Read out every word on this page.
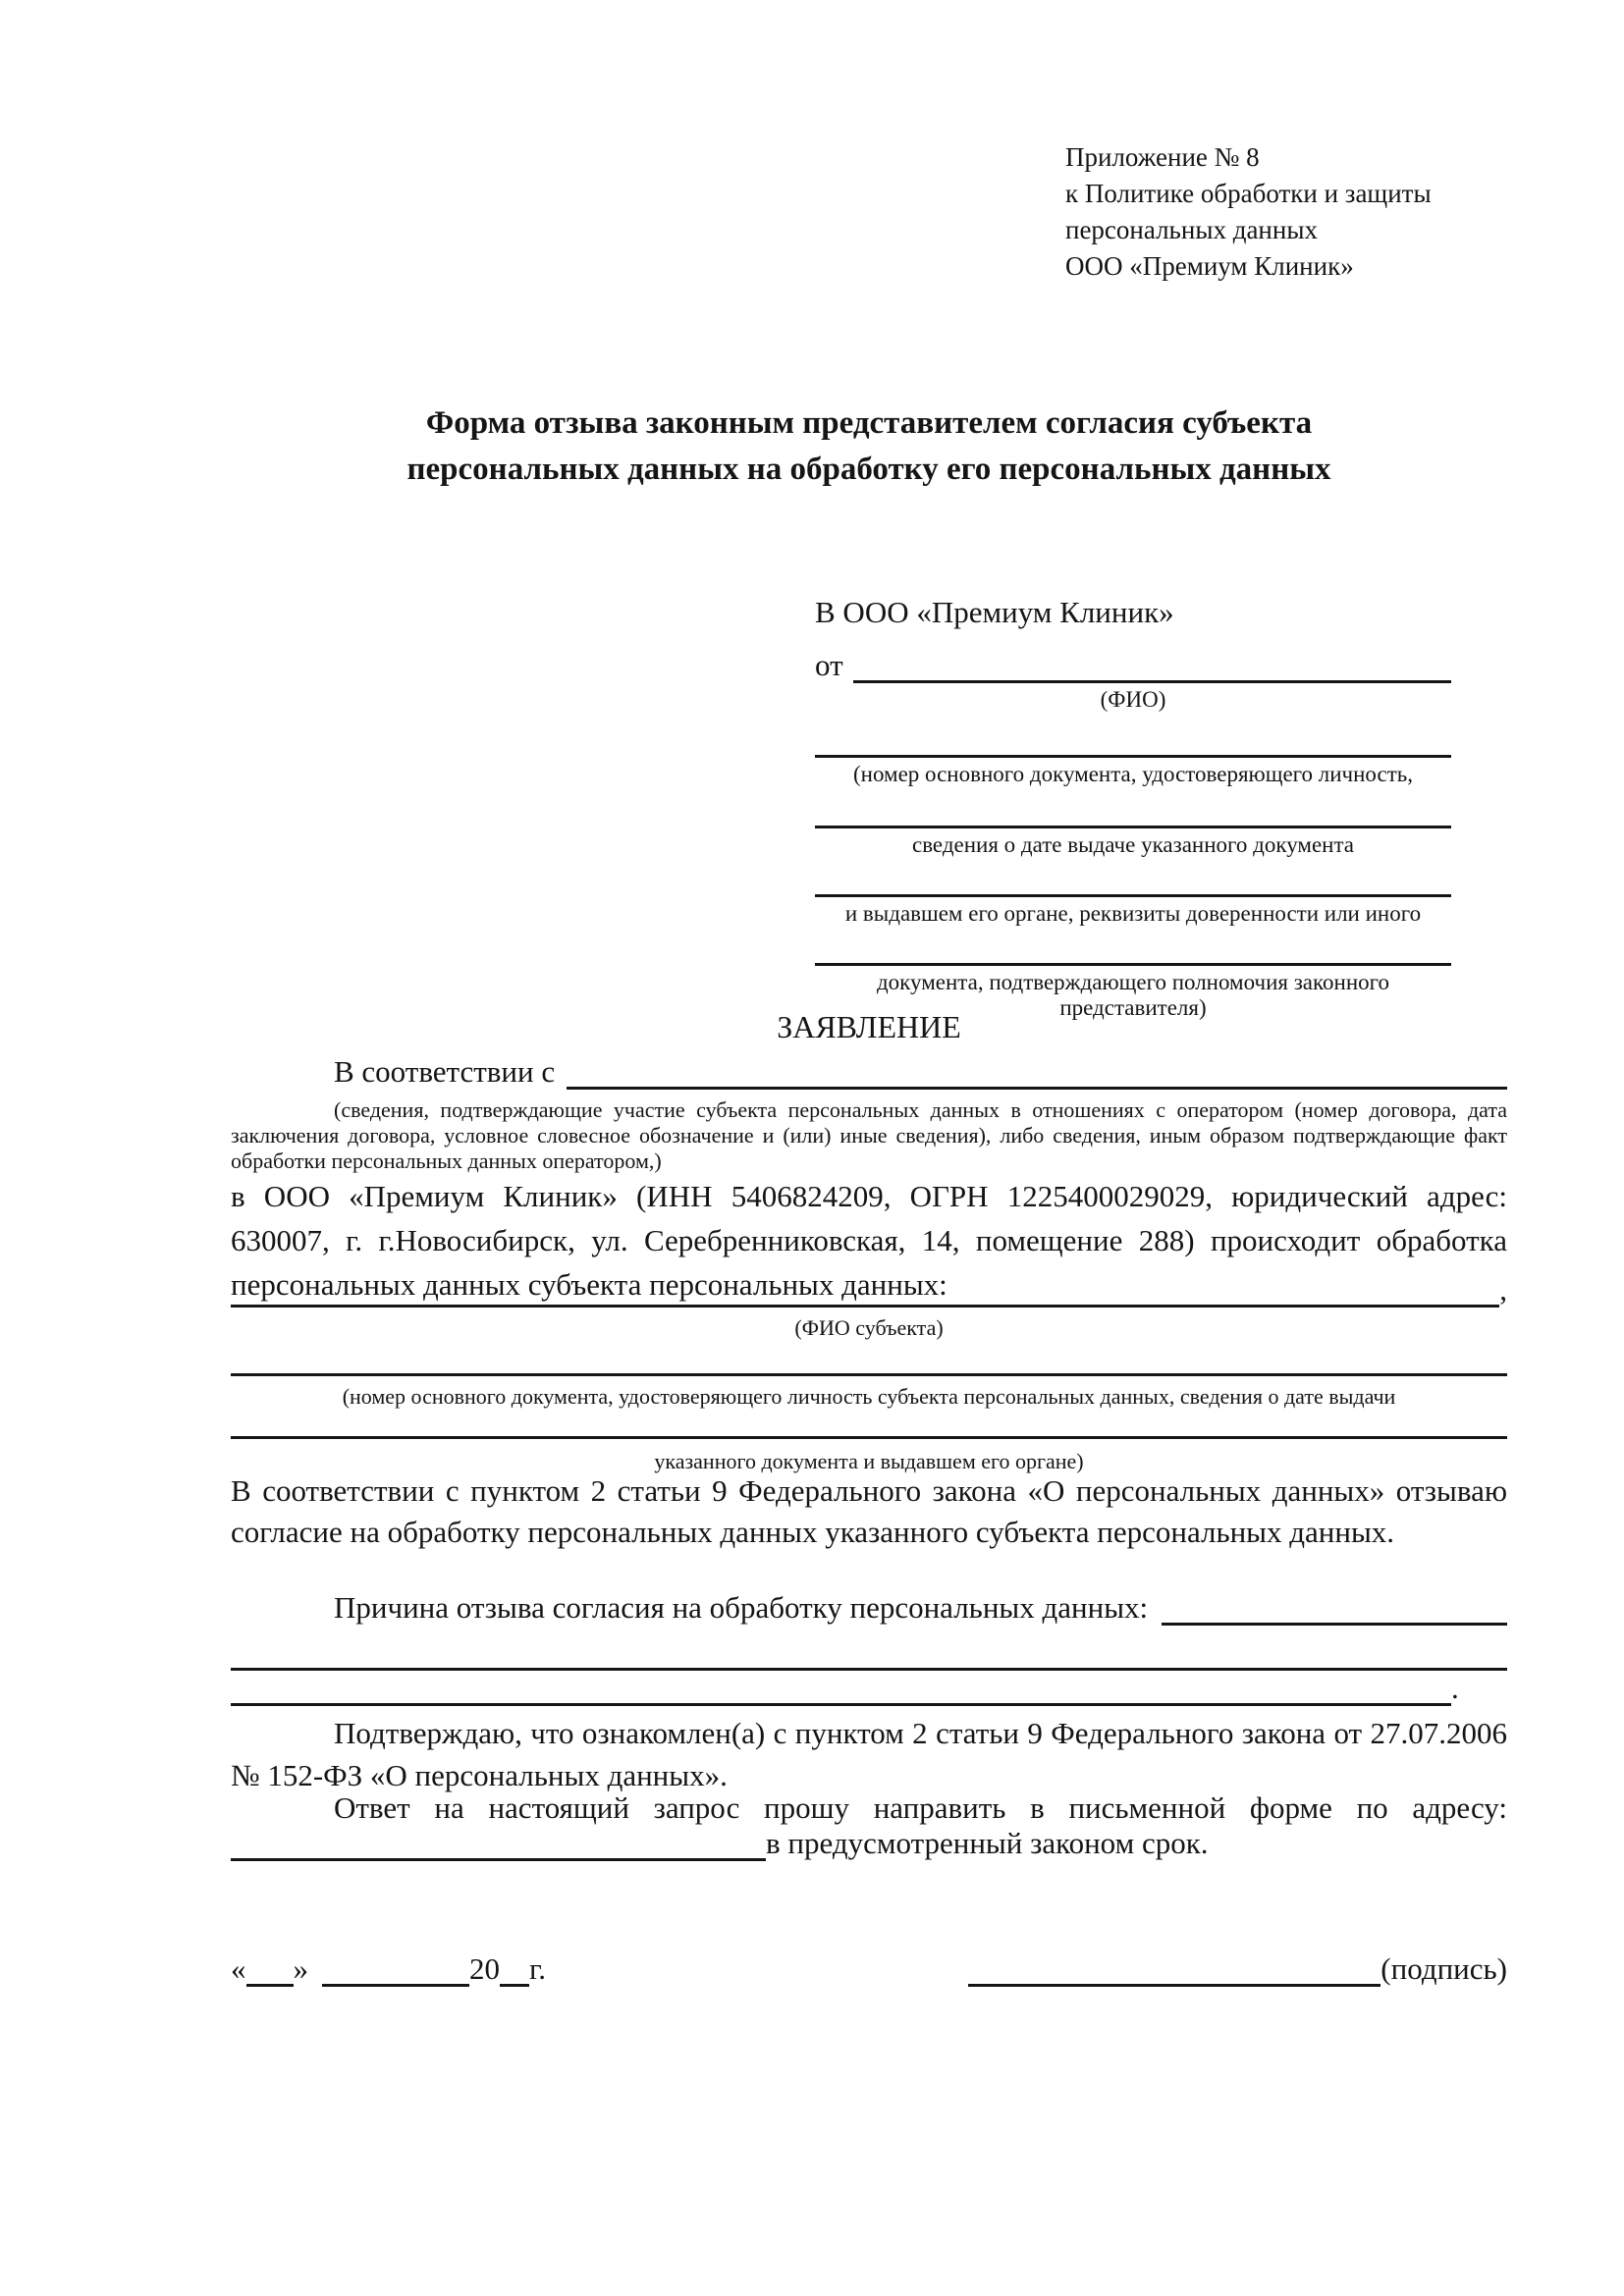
Приложение № 8
к Политике обработки и защиты
персональных данных
ООО «Премиум Клиник»
Форма отзыва законным представителем согласия субъекта
персональных данных на обработку его персональных данных
В ООО «Премиум Клиник»
от
(ФИО)
(номер основного документа, удостоверяющего личность,
сведения о дате выдаче указанного документа
и выдавшем его органе, реквизиты доверенности или иного
документа, подтверждающего полномочия законного представителя)
ЗАЯВЛЕНИЕ
В соответствии с
(сведения, подтверждающие участие субъекта персональных данных в отношениях с оператором (номер договора, дата заключения договора, условное словесное обозначение и (или) иные сведения), либо сведения, иным образом подтверждающие факт обработки персональных данных оператором,)
в ООО «Премиум Клиник» (ИНН 5406824209, ОГРН 1225400029029, юридический адрес: 630007, г. г.Новосибирск, ул. Серебренниковская, 14, помещение 288) происходит обработка персональных данных субъекта персональных данных:	,
(ФИО субъекта)
(номер основного документа, удостоверяющего личность субъекта персональных данных, сведения о дате выдачи
указанного документа и выдавшем его органе)
В соответствии с пунктом 2 статьи 9 Федерального закона «О персональных данных» отзываю согласие на обработку персональных данных указанного субъекта персональных данных.
Причина отзыва согласия на обработку персональных данных:
.
Подтверждаю, что ознакомлен(а) с пунктом 2 статьи 9 Федерального закона от 27.07.2006 № 152-ФЗ «О персональных данных».
Ответ на настоящий запрос прошу направить в письменной форме по адресу:
в предусмотренный законом срок.
« »	20 г.	(подпись)
